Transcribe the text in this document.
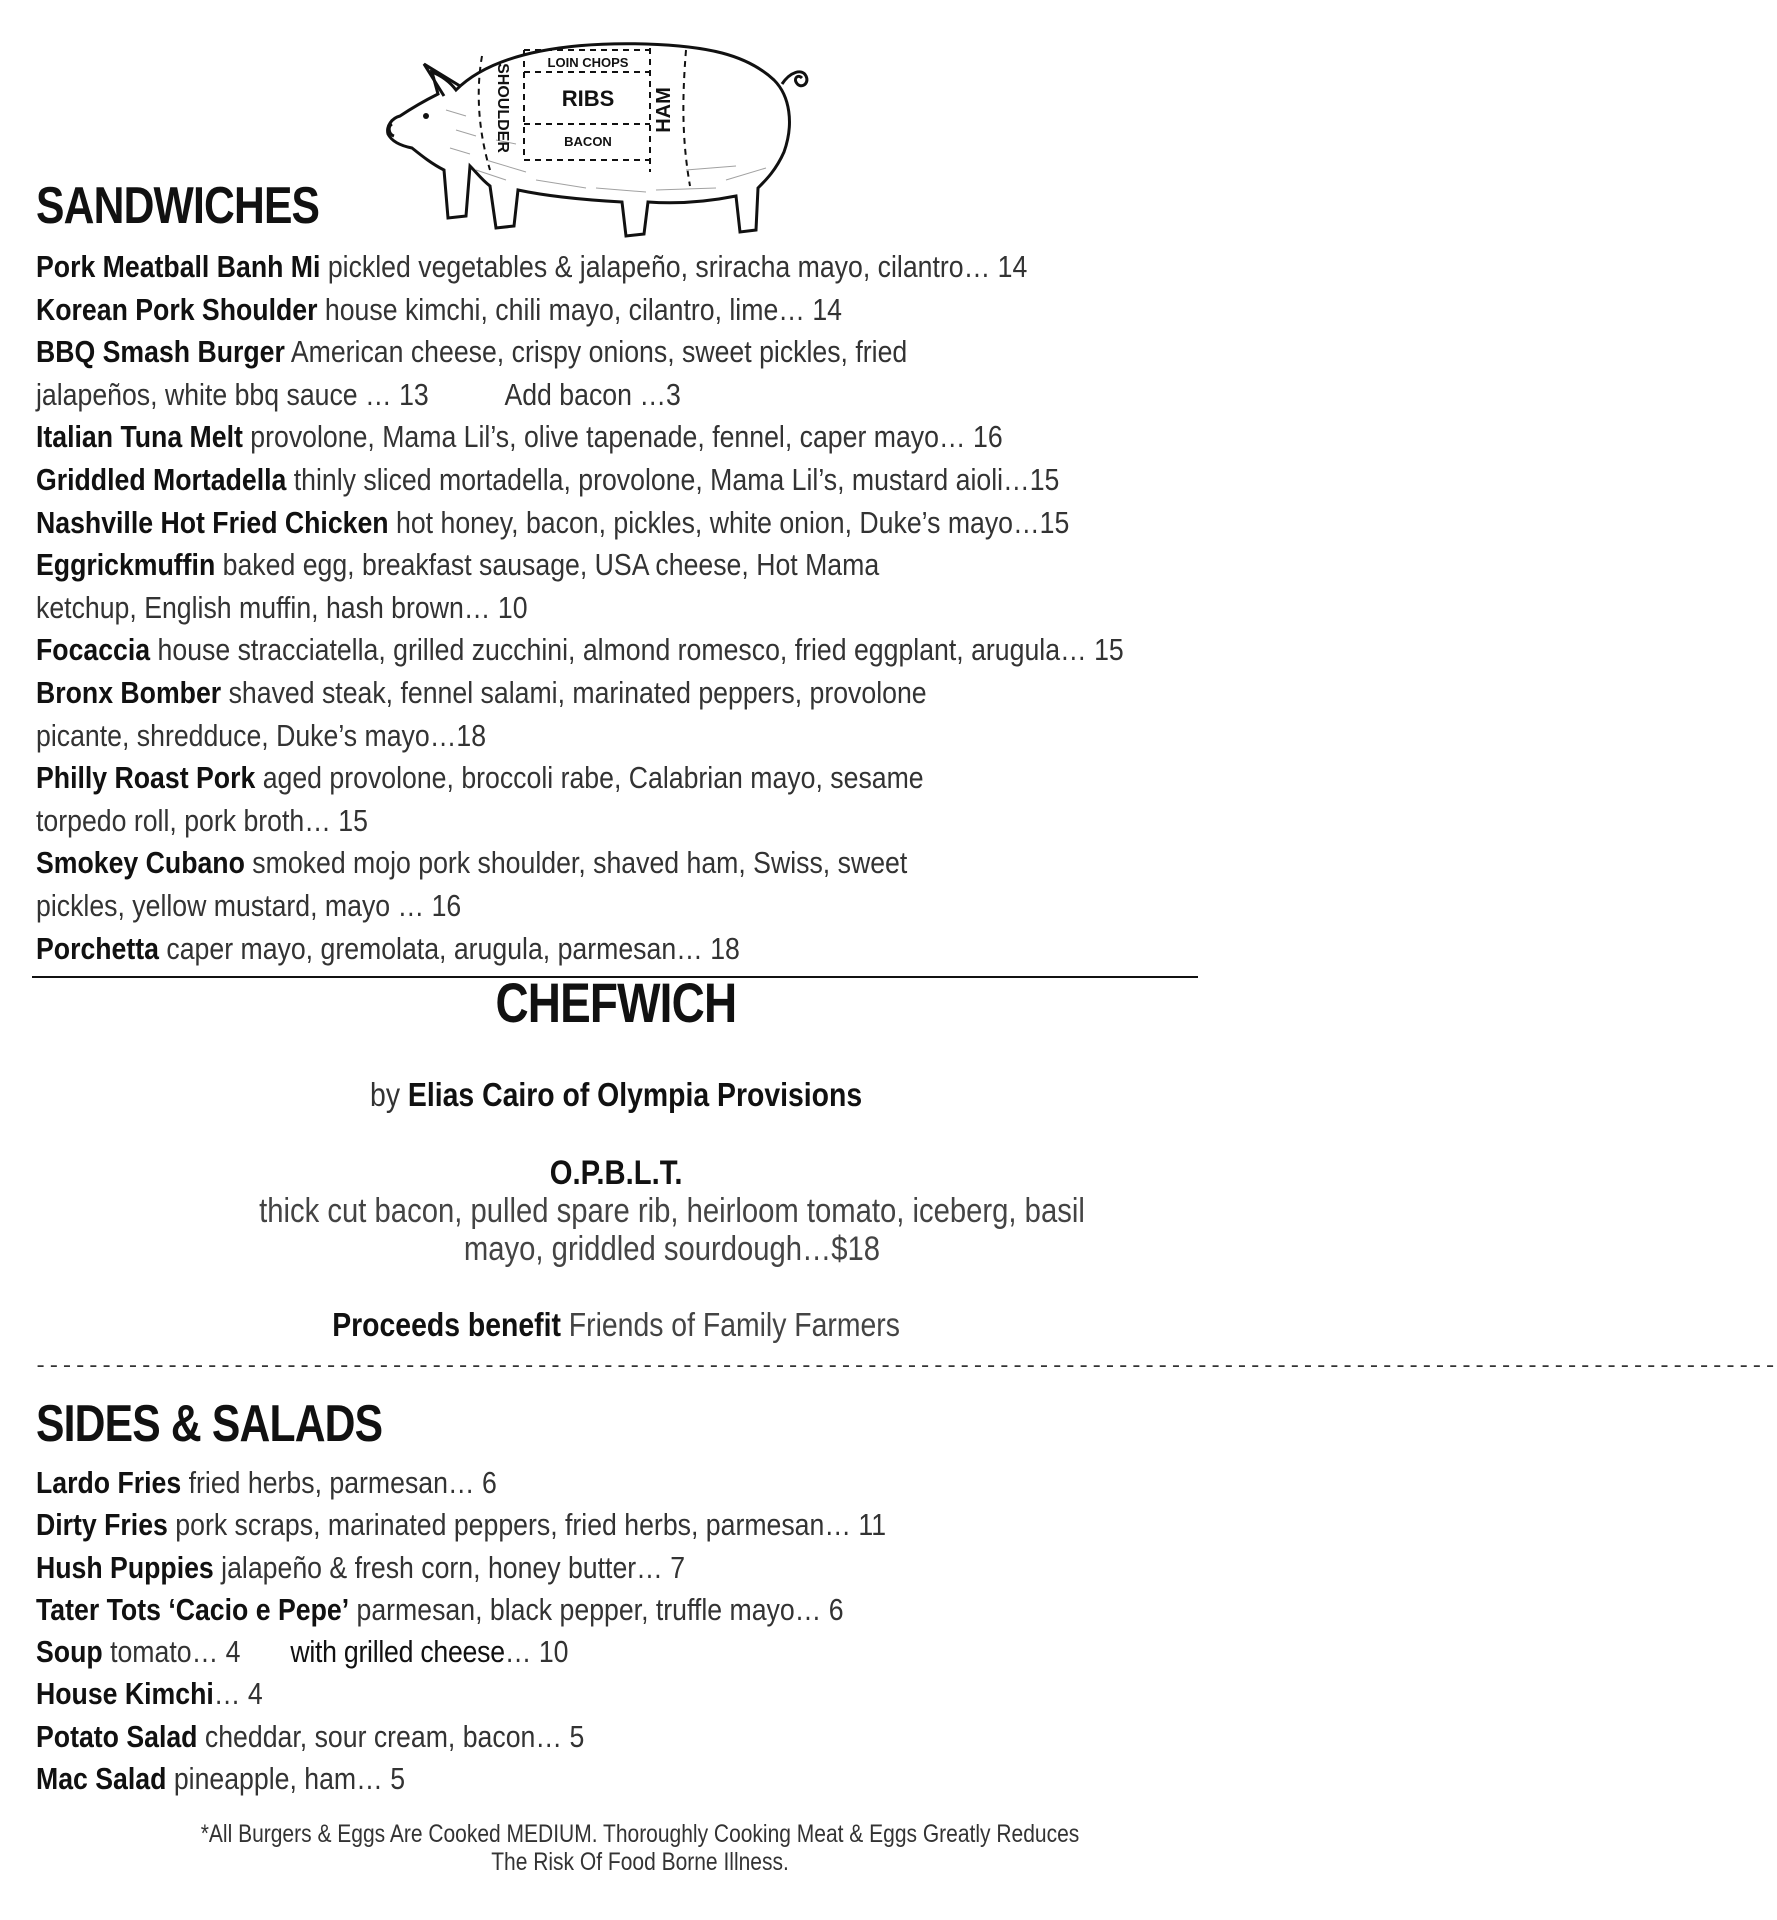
LOIN CHOPS
RIBS
BACON
SHOULDER	HAM
SANDWICHES

Pork Meatball Banh Mi pickled vegetables & jalapeño, sriracha mayo, cilantro… 14

Korean Pork Shoulder house kimchi, chili mayo, cilantro, lime… 14

BBQ Smash Burger American cheese, crispy onions, sweet pickles, fried jalapeños, white bbq sauce … 13 Add bacon …3

Italian Tuna Melt provolone, Mama Lil’s, olive tapenade, fennel, caper mayo… 16

Griddled Mortadella thinly sliced mortadella, provolone, Mama Lil’s, mustard aioli…15

Nashville Hot Fried Chicken hot honey, bacon, pickles, white onion, Duke’s mayo…15

Eggrickmuffin baked egg, breakfast sausage, USA cheese, Hot Mama ketchup, English muffin, hash brown… 10

Focaccia house stracciatella, grilled zucchini, almond romesco, fried eggplant, arugula… 15

Bronx Bomber shaved steak, fennel salami, marinated peppers, provolone picante, shredduce, Duke’s mayo…18

Philly Roast Pork aged provolone, broccoli rabe, Calabrian mayo, sesame torpedo roll, pork broth… 15

Smokey Cubano smoked mojo pork shoulder, shaved ham, Swiss, sweet pickles, yellow mustard, mayo … 16

Porchetta caper mayo, gremolata, arugula, parmesan… 18

CHEFWICH
by Elias Cairo of Olympia Provisions
O.P.B.L.T.
thick cut bacon, pulled spare rib, heirloom tomato, iceberg, basil mayo, griddled sourdough…$18
Proceeds benefit Friends of Family Farmers
------------------------------------------------------------------------------------------------------------------------------------
SIDES & SALADS

Lardo Fries fried herbs, parmesan… 6

Dirty Fries pork scraps, marinated peppers, fried herbs, parmesan… 11

Hush Puppies jalapeño & fresh corn, honey butter… 7

Tater Tots ‘Cacio e Pepe’ parmesan, black pepper, truffle mayo… 6

Soup tomato… 4 with grilled cheese… 10

House Kimchi… 4

Potato Salad cheddar, sour cream, bacon… 5

Mac Salad pineapple, ham… 5

*All Burgers & Eggs Are Cooked MEDIUM. Thoroughly Cooking Meat & Eggs Greatly Reduces The Risk Of Food Borne Illness.
